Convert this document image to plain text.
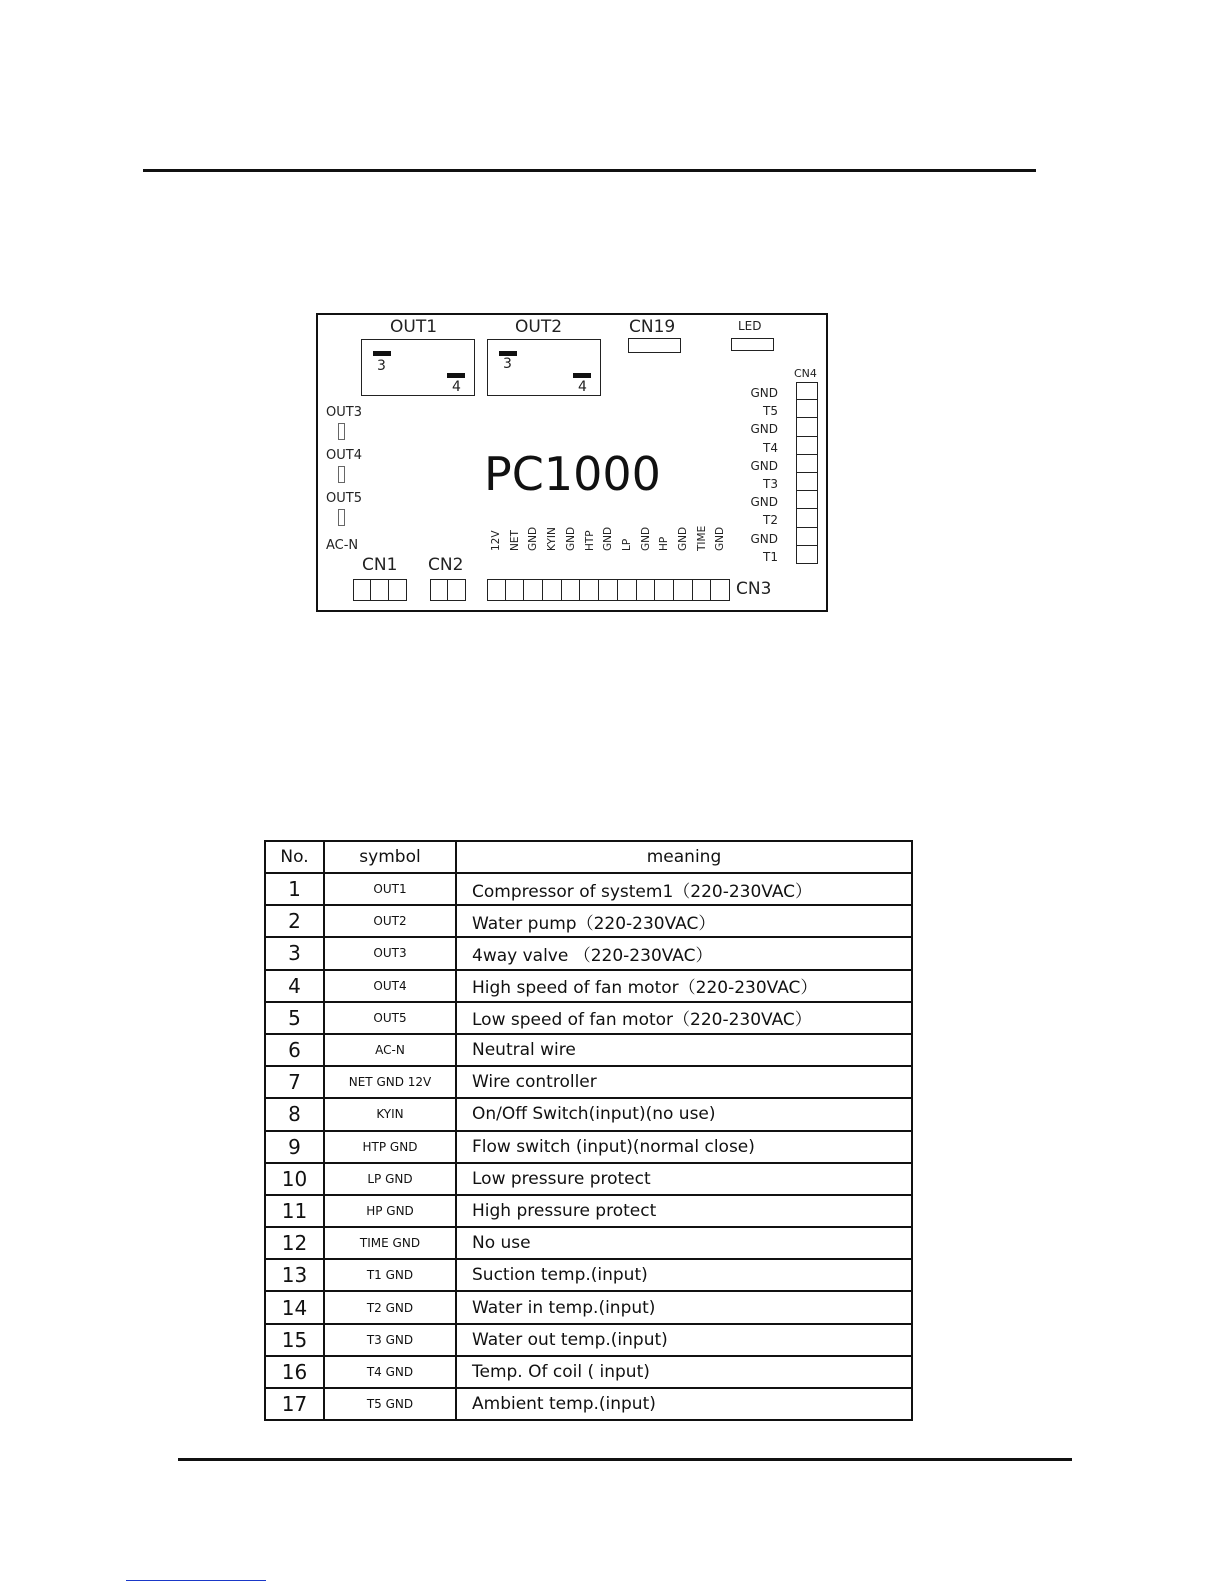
OUT1
3
4
OUT2
3
4
CN19	LED
OUT3
OUT4
OUT5
AC-N
PC1000
CN1 CN2
12V NET GND KYIN GND HTP GND LP GND HP GND TIME GND
CN3
CN4
GND
T5
GND
T4
GND
T3
GND
T2
GND
T1
No.	symbol	meaning
1	OUT1	Compressor of system1（220-230VAC）
2	OUT2	Water pump（220-230VAC）
3	OUT3	4way valve （220-230VAC）
4	OUT4	High speed of fan motor（220-230VAC）
5	OUT5	Low speed of fan motor（220-230VAC）
6	AC-N	Neutral wire
7	NET GND 12V	Wire controller
8	KYIN	On/Off Switch(input)(no use)
9	HTP GND	Flow switch (input)(normal close)
10	LP GND	Low pressure protect
11	HP GND	High pressure protect
12	TIME GND	No use
13	T1 GND	Suction temp.(input)
14	T2 GND	Water in temp.(input)
15	T3 GND	Water out temp.(input)
16	T4 GND	Temp. Of coil ( input)
17	T5 GND	Ambient temp.(input)
